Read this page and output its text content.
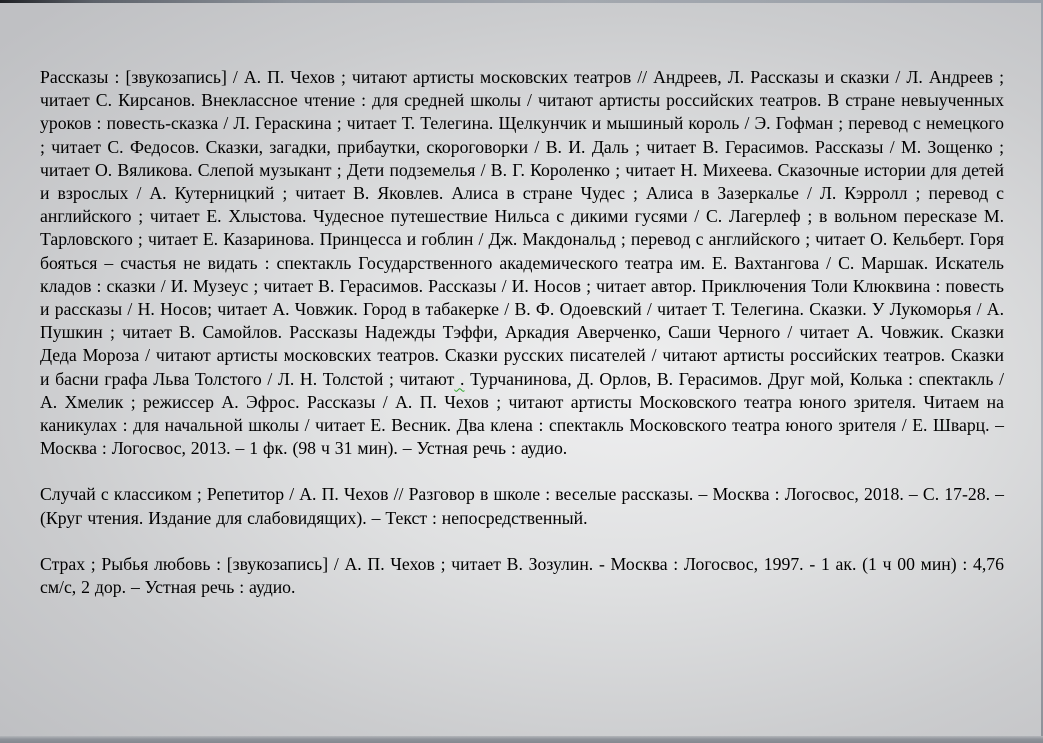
Рассказы : [звукозапись] / А. П. Чехов ; читают артисты московских театров // Андреев, Л. Рассказы и сказки / Л. Андреев ; читает С. Кирсанов. Внеклассное чтение : для средней школы / читают артисты российских театров. В стране невыученных уроков : повесть-сказка / Л. Гераскина ; читает Т. Телегина. Щелкунчик и мышиный король / Э. Гофман ; перевод с немецкого ; читает С. Федосов. Сказки, загадки, прибаутки, скороговорки / В. И. Даль ; читает В. Герасимов. Рассказы / М. Зощенко ; читает О. Вяликова. Слепой музыкант ; Дети подземелья / В. Г. Короленко ; читает Н. Михеева. Сказочные истории для детей и взрослых / А. Кутерницкий ; читает В. Яковлев. Алиса в стране Чудес ; Алиса в Зазеркалье / Л. Кэрролл ; перевод с английского ; читает Е. Хлыстова. Чудесное путешествие Нильса с дикими гусями / С. Лагерлеф ; в вольном пересказе М. Тарловского ; читает Е. Казаринова. Принцесса и гоблин / Дж. Макдональд ; перевод с английского ; читает О. Кельберт. Горя бояться – счастья не видать : спектакль Государственного академического театра им. Е. Вахтангова / С. Маршак. Искатель кладов : сказки / И. Музеус ; читает В. Герасимов. Рассказы / И. Носов ; читает автор. Приключения Толи Клюквина : повесть и рассказы / Н. Носов; читает А. Човжик. Город в табакерке / В. Ф. Одоевский / читает Т. Телегина. Сказки. У Лукоморья / А. Пушкин ; читает В. Самойлов. Рассказы Надежды Тэффи, Аркадия Аверченко, Саши Черного / читает А. Човжик. Сказки Деда Мороза / читают артисты московских театров. Сказки русских писателей / читают артисты российских театров. Сказки и басни графа Льва Толстого / Л. Н. Толстой ; читают . Турчанинова, Д. Орлов, В. Герасимов. Друг мой, Колька : спектакль /А. Хмелик ; режиссер А. Эфрос. Рассказы / А. П. Чехов ; читают артисты Московского театра юного зрителя. Читаем на каникулах : для начальной школы / читает Е. Весник. Два клена : спектакль Московского театра юного зрителя / Е. Шварц. – Москва : Логосвос, 2013. – 1 фк. (98 ч 31 мин). – Устная речь : аудио.

Случай с классиком ; Репетитор / А. П. Чехов // Разговор в школе : веселые рассказы. – Москва : Логосвос, 2018. – С. 17-28. – (Круг чтения. Издание для слабовидящих). – Текст : непосредственный.

Страх ; Рыбья любовь : [звукозапись] / А. П. Чехов ; читает В. Зозулин. - Москва : Логосвос, 1997. - 1 ак. (1 ч 00 мин) : 4,76 см/с, 2 дор. – Устная речь : аудио.
